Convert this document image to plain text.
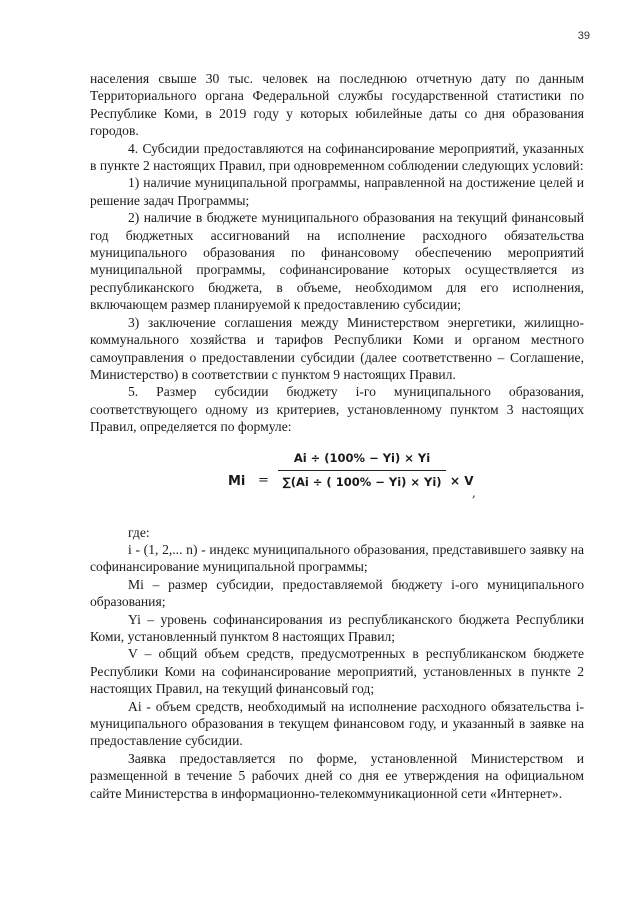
39

населения свыше 30 тыс. человек на последнюю отчетную дату по данным Территориального органа Федеральной службы государственной статистики по Республике Коми, в 2019 году у которых юбилейные даты со дня образования городов.

4. Субсидии предоставляются на софинансирование мероприятий, указанных в пункте 2 настоящих Правил, при одновременном соблюдении следующих условий:

1) наличие муниципальной программы, направленной на достижение целей и решение задач Программы;

2) наличие в бюджете муниципального образования на текущий финансовый год бюджетных ассигнований на исполнение расходного обязательства муниципального образования по финансовому обеспечению мероприятий муниципальной программы, софинансирование которых осуществляется из республиканского бюджета, в объеме, необходимом для его исполнения, включающем размер планируемой к предоставлению субсидии;

3) заключение соглашения между Министерством энергетики, жилищно-коммунального хозяйства и тарифов Республики Коми и органом местного самоуправления о предоставлении субсидии (далее соответственно – Соглашение, Министерство) в соответствии с пунктом 9 настоящих Правил.

5. Размер субсидии бюджету i-го муниципального образования, соответствующего одному из критериев, установленному пунктом 3 настоящих Правил, определяется по формуле:

Mi =
Ai ÷ (100% − Yi) × Yi
∑(Ai ÷ ( 100% − Yi) × Yi) × V
,

где:

i - (1, 2,... n) - индекс муниципального образования, представившего заявку на софинансирование муниципальной программы;

Mi – размер субсидии, предоставляемой бюджету i-ого муниципального образования;

Yi – уровень софинансирования из республиканского бюджета Республики Коми, установленный пунктом 8 настоящих Правил;

V – общий объем средств, предусмотренных в республиканском бюджете Республики Коми на софинансирование мероприятий, установленных в пункте 2 настоящих Правил, на текущий финансовый год;

Ai - объем средств, необходимый на исполнение расходного обязательства i-муниципального образования в текущем финансовом году, и указанный в заявке на предоставление субсидии.

Заявка предоставляется по форме, установленной Министерством и размещенной в течение 5 рабочих дней со дня ее утверждения на официальном сайте Министерства в информационно-телекоммуникационной сети «Интернет».
